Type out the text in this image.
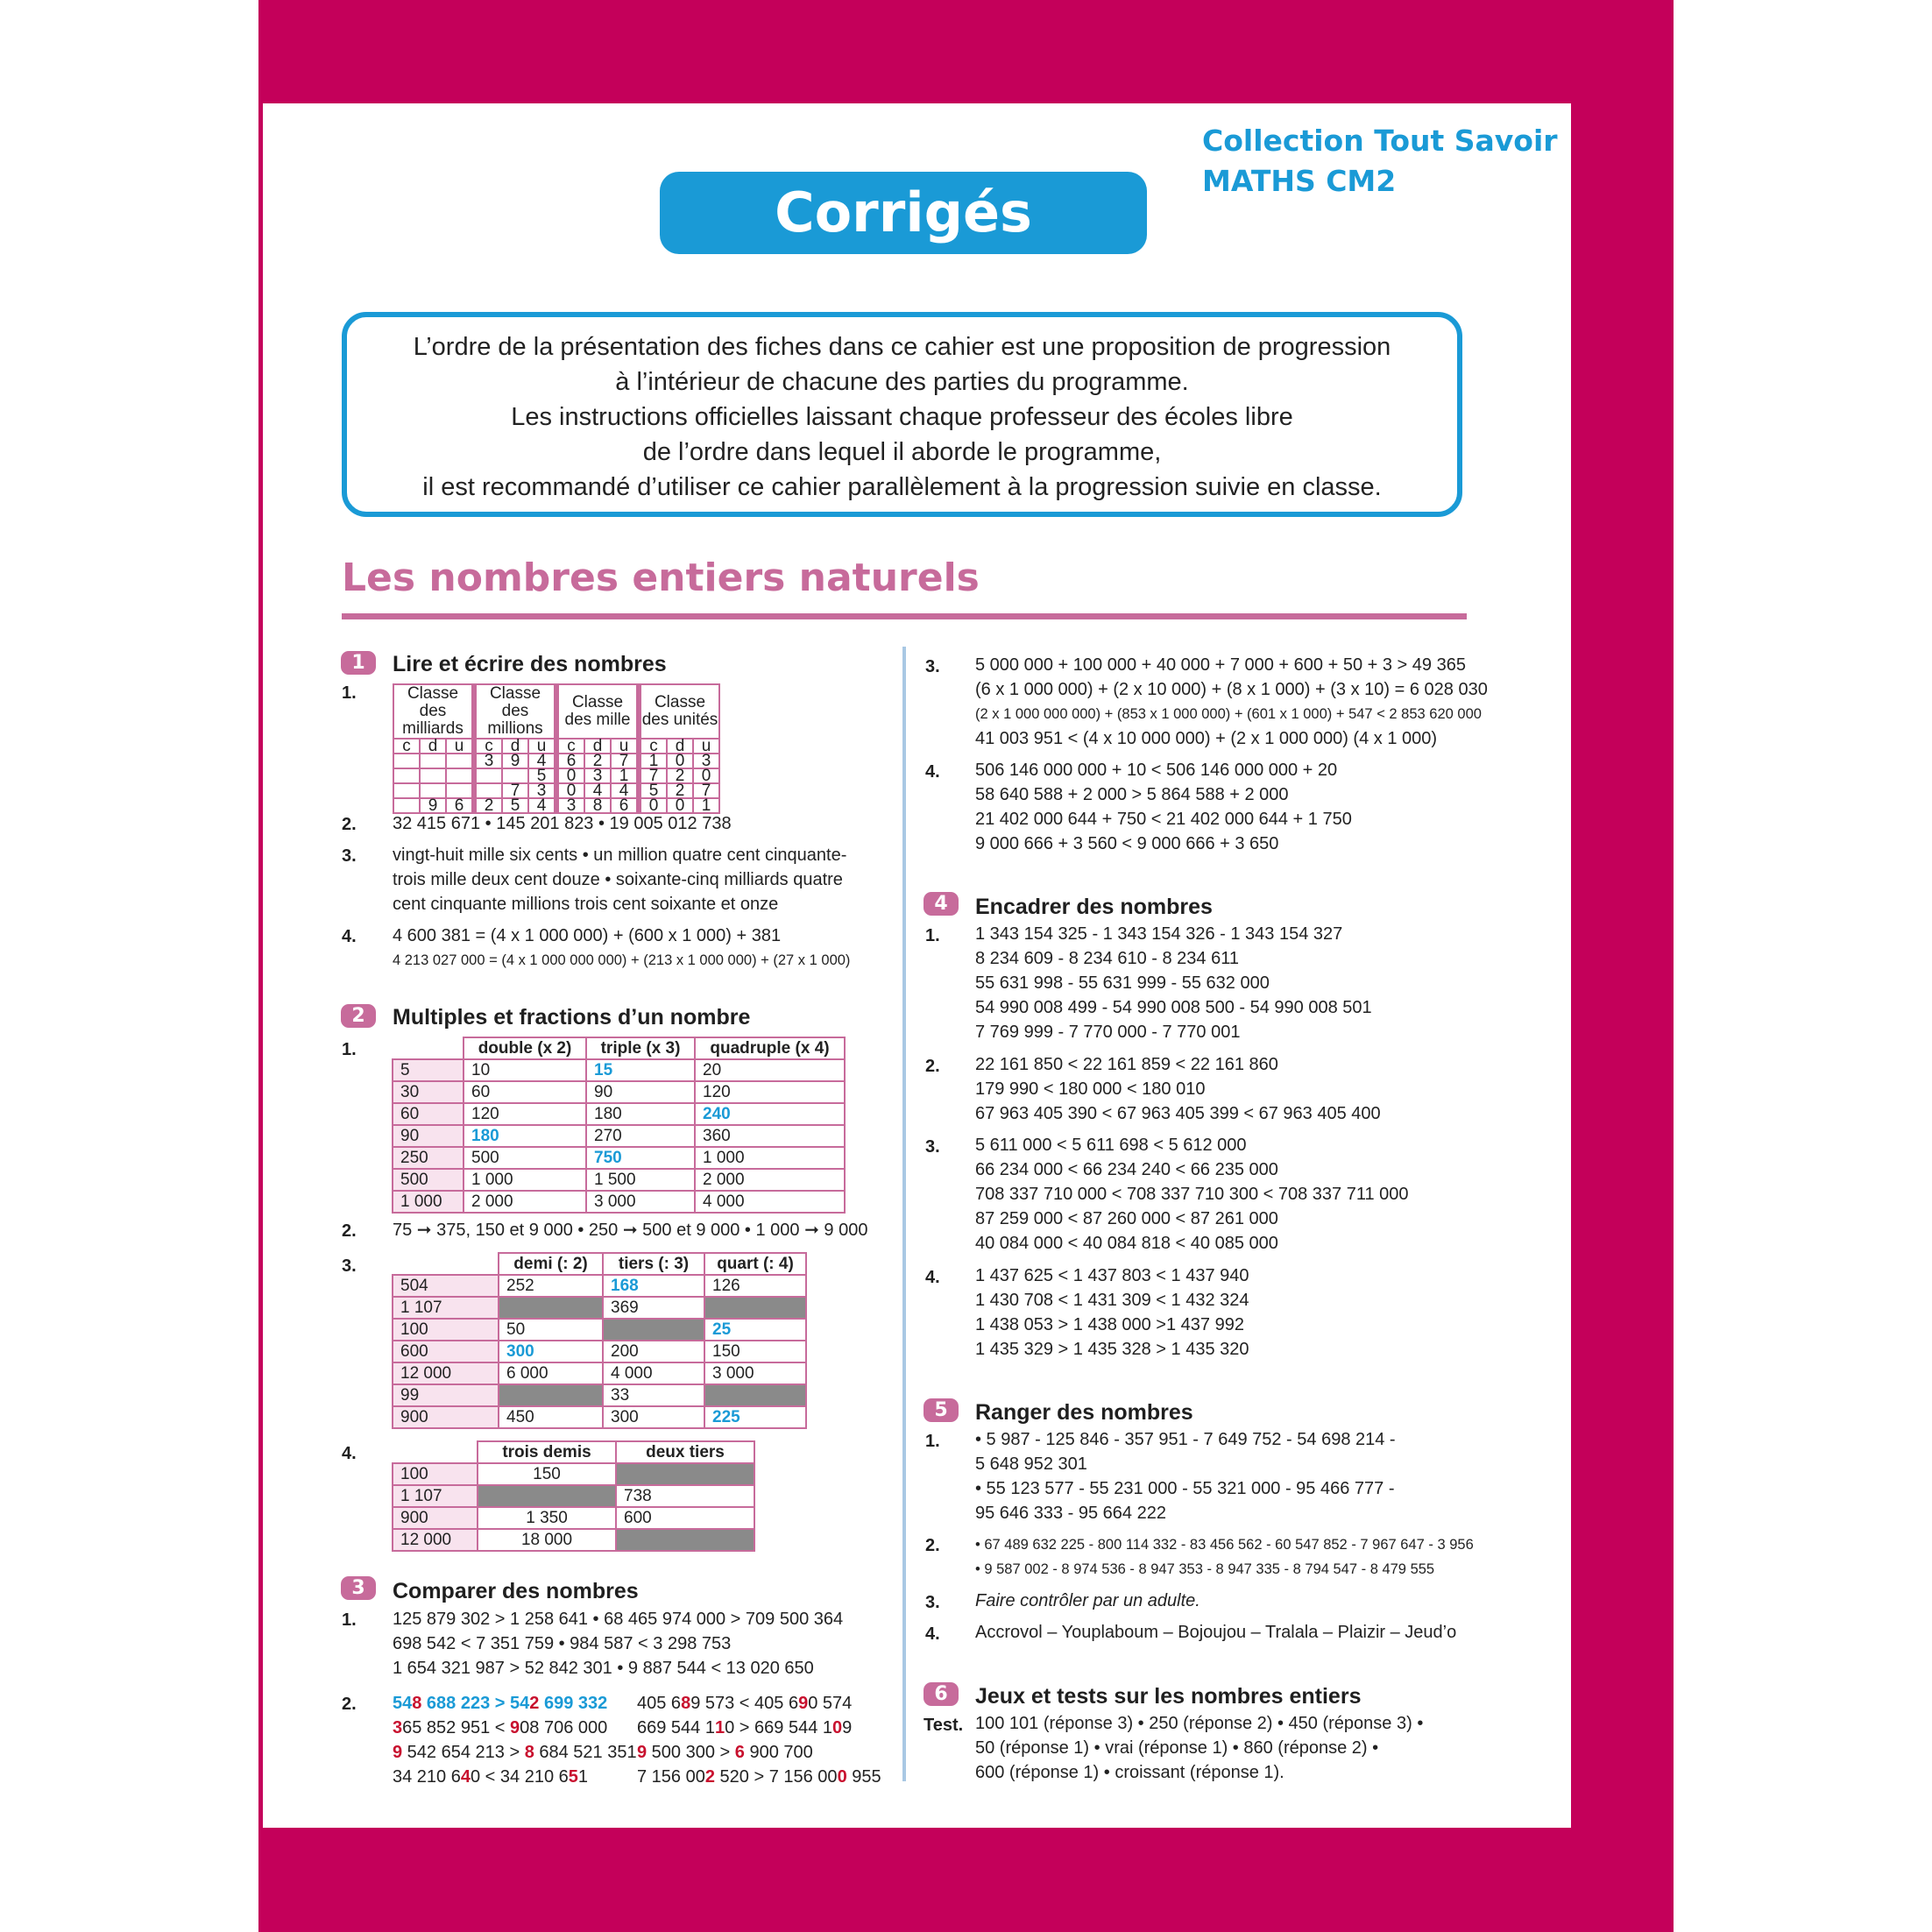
Collection Tout Savoir
MATHS CM2
Corrigés
L’ordre de la présentation des fiches dans ce cahier est une proposition de progression
à l’intérieur de chacune des parties du programme.
Les instructions officielles laissant chaque professeur des écoles libre
de l’ordre dans lequel il aborde le programme,
il est recommandé d’utiliser ce cahier parallèlement à la progression suivie en classe.
Les nombres entiers naturels
1	Lire et écrire des nombres
1.	Classe des milliards			Classe des millions			Classe des mille			Classe des unités		
c	d	u	c	d	u	c	d	u	c	d	u
			3	9	4	6	2	7	1	0	3
					5	0	3	1	7	2	0
				7	3	0	4	4	5	2	7
	9	6	2	5	4	3	8	6	0	0	1
2. 32 415 671 • 145 201 823 • 19 005 012 738
3. vingt-huit mille six cents • un million quatre cent cinquante-
trois mille deux cent douze • soixante-cinq milliards quatre
cent cinquante millions trois cent soixante et onze
4. 4 600 381 = (4 x 1 000 000) + (600 x 1 000) + 381
4 213 027 000 = (4 x 1 000 000 000) + (213 x 1 000 000) + (27 x 1 000)
2	Multiples et fractions d’un nombre
1.
		double (x 2)	triple (x 3)	quadruple (x 4)
5	10	15	20
30	60	90	120
60	120	180	240
90	180	270	360
250	500	750	1 000
500	1 000	1 500	2 000
1 000	2 000	3 000	4 000
2. 75 ➞ 375, 150 et 9 000 • 250 ➞ 500 et 9 000 • 1 000 ➞ 9 000
3.
		demi (: 2)	tiers (: 3)	quart (: 4)
504	252	168	126
1 107		369	
100	50		25
600	300	200	150
12 000	6 000	4 000	3 000
99		33	
900	450	300	225
4.
		trois demis	deux tiers
100	150	
1 107		738
900	1 350	600
12 000	18 000	
3	Comparer des nombres
1. 125 879 302 > 1 258 641 • 68 465 974 000 > 709 500 364
698 542 < 7 351 759 • 984 587 < 3 298 753
1 654 321 987 > 52 842 301 • 9 887 544 < 13 020 650
2. 548 688 223 > 542 699 332
365 852 951 < 908 706 000
9 542 654 213 > 8 684 521 351
34 210 640 < 34 210 651
405 689 573 < 405 690 574
669 544 110 > 669 544 109
9 500 300 > 6 900 700
7 156 002 520 > 7 156 000 955
3. 5 000 000 + 100 000 + 40 000 + 7 000 + 600 + 50 + 3 > 49 365
(6 x 1 000 000) + (2 x 10 000) + (8 x 1 000) + (3 x 10) = 6 028 030
(2 x 1 000 000 000) + (853 x 1 000 000) + (601 x 1 000) + 547 < 2 853 620 000
41 003 951 < (4 x 10 000 000) + (2 x 1 000 000) (4 x 1 000)
4. 506 146 000 000 + 10 < 506 146 000 000 + 20
58 640 588 + 2 000 > 5 864 588 + 2 000
21 402 000 644 + 750 < 21 402 000 644 + 1 750
9 000 666 + 3 560 < 9 000 666 + 3 650
4	Encadrer des nombres
1. 1 343 154 325 - 1 343 154 326 - 1 343 154 327
8 234 609 - 8 234 610 - 8 234 611
55 631 998 - 55 631 999 - 55 632 000
54 990 008 499 - 54 990 008 500 - 54 990 008 501
7 769 999 - 7 770 000 - 7 770 001
2. 22 161 850 < 22 161 859 < 22 161 860
179 990 < 180 000 < 180 010
67 963 405 390 < 67 963 405 399 < 67 963 405 400
3. 5 611 000 < 5 611 698 < 5 612 000
66 234 000 < 66 234 240 < 66 235 000
708 337 710 000 < 708 337 710 300 < 708 337 711 000
87 259 000 < 87 260 000 < 87 261 000
40 084 000 < 40 084 818 < 40 085 000
4. 1 437 625 < 1 437 803 < 1 437 940
1 430 708 < 1 431 309 < 1 432 324
1 438 053 > 1 438 000 >1 437 992
1 435 329 > 1 435 328 > 1 435 320
5	Ranger des nombres
1. • 5 987 - 125 846 - 357 951 - 7 649 752 - 54 698 214 -
5 648 952 301
• 55 123 577 - 55 231 000 - 55 321 000 - 95 466 777 -
95 646 333 - 95 664 222
2. • 67 489 632 225 - 800 114 332 - 83 456 562 - 60 547 852 - 7 967 647 - 3 956
• 9 587 002 - 8 974 536 - 8 947 353 - 8 947 335 - 8 794 547 - 8 479 555
3. Faire contrôler par un adulte.
4. Accrovol – Youplaboum – Bojoujou – Tralala – Plaizir – Jeud’o
6	Jeux et tests sur les nombres entiers
Test. 100 101 (réponse 3) • 250 (réponse 2) • 450 (réponse 3) •
50 (réponse 1) • vrai (réponse 1) • 860 (réponse 2) •
600 (réponse 1) • croissant (réponse 1).
